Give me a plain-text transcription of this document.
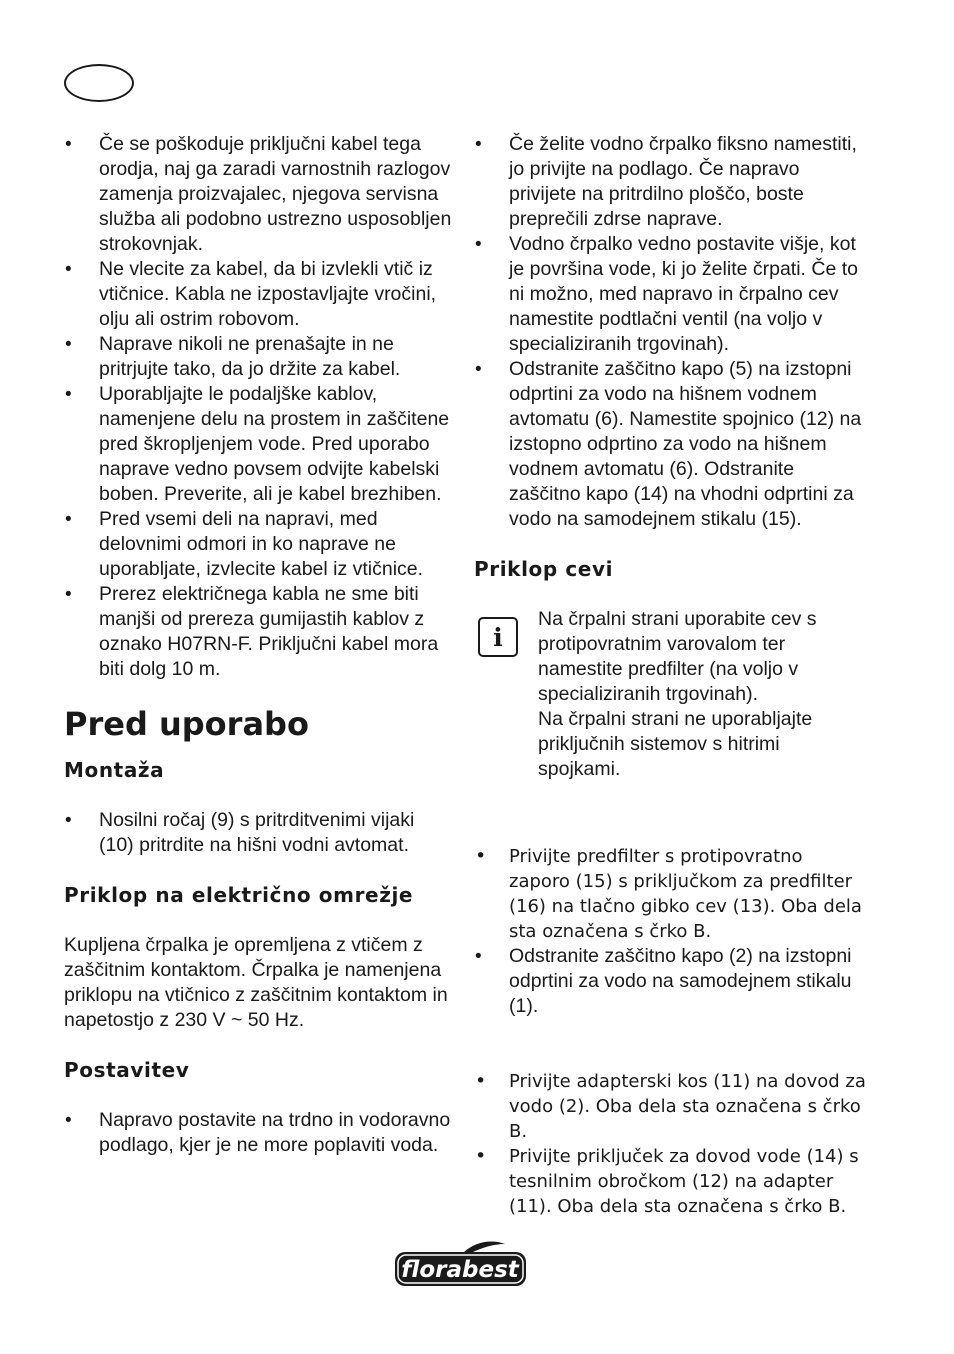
• Če se poškoduje priključni kabel tega orodja, naj ga zaradi varnostnih razlogov zamenja proizvajalec, njegova servisna služba ali podobno ustrezno usposobljen strokovnjak.
• Ne vlecite za kabel, da bi izvlekli vtič iz vtičnice. Kabla ne izpostavljajte vročini, olju ali ostrim robovom.
• Naprave nikoli ne prenašajte in ne pritrjujte tako, da jo držite za kabel.
• Uporabljajte le podaljške kablov, namenjene delu na prostem in zaščitene pred škropljenjem vode. Pred uporabo naprave vedno povsem odvijte kabelski boben. Preverite, ali je kabel brezhiben.
• Pred vsemi deli na napravi, med delovnimi odmori in ko naprave ne uporabljate, izvlecite kabel iz vtičnice.
• Prerez električnega kabla ne sme biti manjši od prereza gumijastih kablov z oznako H07RN-F. Priključni kabel mora biti dolg 10 m.
Pred uporabo
Montaža
• Nosilni ročaj (9) s pritrditvenimi vijaki (10) pritrdite na hišni vodni avtomat.
Priklop na električno omrežje

Kupljena črpalka je opremljena z vtičem z zaščitnim kontaktom. Črpalka je namenjena priklopu na vtičnico z zaščitnim kontaktom in napetostjo z 230 V ~ 50 Hz.

Postavitev
• Napravo postavite na trdno in vodoravno podlago, kjer je ne more poplaviti voda.
• Če želite vodno črpalko fiksno namestiti, jo privijte na podlago. Če napravo privijete na pritrdilno ploščo, boste preprečili zdrse naprave.
• Vodno črpalko vedno postavite višje, kot je površina vode, ki jo želite črpati. Če to ni možno, med napravo in črpalno cev namestite podtlačni ventil (na voljo v specializiranih trgovinah).
• Odstranite zaščitno kapo (5) na izstopni odprtini za vodo na hišnem vodnem avtomatu (6). Namestite spojnico (12) na izstopno odprtino za vodo na hišnem vodnem avtomatu (6). Odstranite zaščitno kapo (14) na vhodni odprtini za vodo na samodejnem stikalu (15).
Priklop cevi
i

Na črpalni strani uporabite cev s protipovratnim varovalom ter namestite predfilter (na voljo v specializiranih trgovinah).

Na črpalni strani ne uporabljajte priključnih sistemov s hitrimi spojkami.

• Privijte predfilter s protipovratno zaporo (15) s priključkom za predfilter (16) na tlačno gibko cev (13). Oba dela sta označena s črko B.
• Odstranite zaščitno kapo (2) na izstopni odprtini za vodo na samodejnem stikalu (1).
• Privijte adapterski kos (11) na dovod za vodo (2). Oba dela sta označena s črko B.
• Privijte priključek za dovod vode (14) s tesnilnim obročkom (12) na adapter (11). Oba dela sta označena s črko B.
florabest
